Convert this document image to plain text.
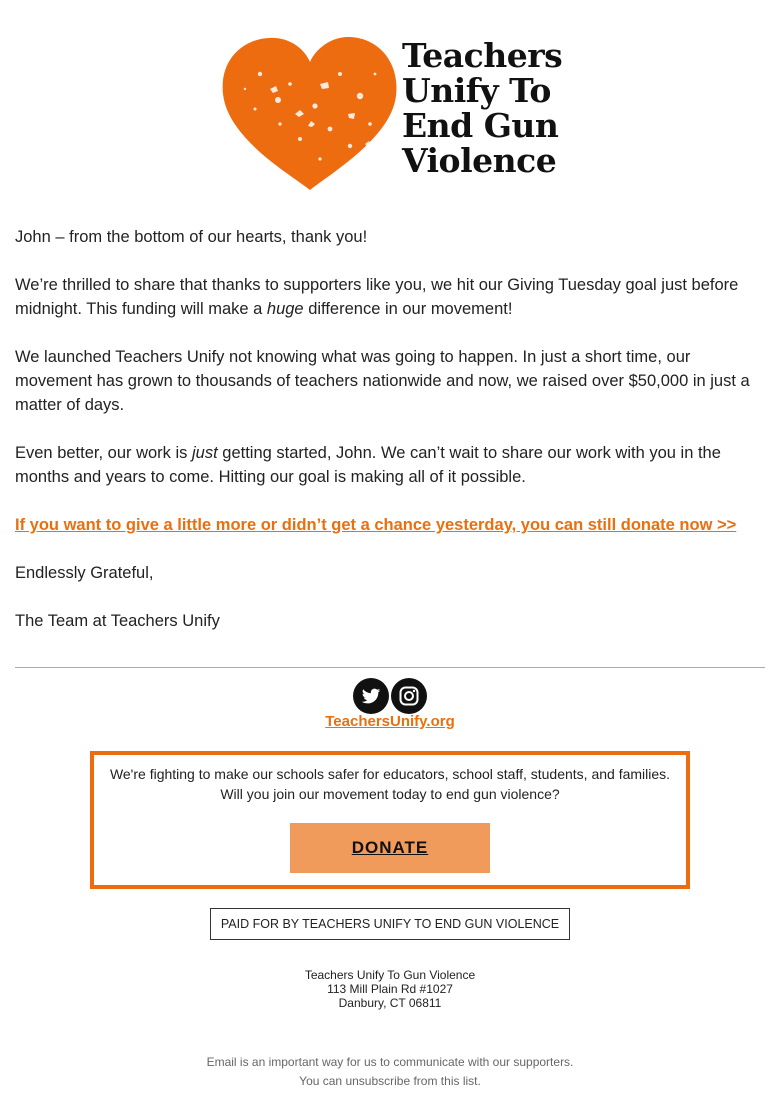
Teachers
Unify To
End Gun
Violence

John – from the bottom of our hearts, thank you!

We’re thrilled to share that thanks to supporters like you, we hit our Giving Tuesday goal just before midnight. This funding will make a huge difference in our movement!

We launched Teachers Unify not knowing what was going to happen. In just a short time, our movement has grown to thousands of teachers nationwide and now, we raised over $50,000 in just a matter of days.

Even better, our work is just getting started, John. We can’t wait to share our work with you in the months and years to come. Hitting our goal is making all of it possible.

If you want to give a little more or didn’t get a chance yesterday, you can still donate now >>

Endlessly Grateful,

The Team at Teachers Unify

TeachersUnify.org
We're fighting to make our schools safer for educators, school staff, students, and families.
Will you join our movement today to end gun violence?
DONATE
PAID FOR BY TEACHERS UNIFY TO END GUN VIOLENCE
Teachers Unify To Gun Violence
113 Mill Plain Rd #1027
Danbury, CT 06811
Email is an important way for us to communicate with our supporters.
You can unsubscribe from this list.
